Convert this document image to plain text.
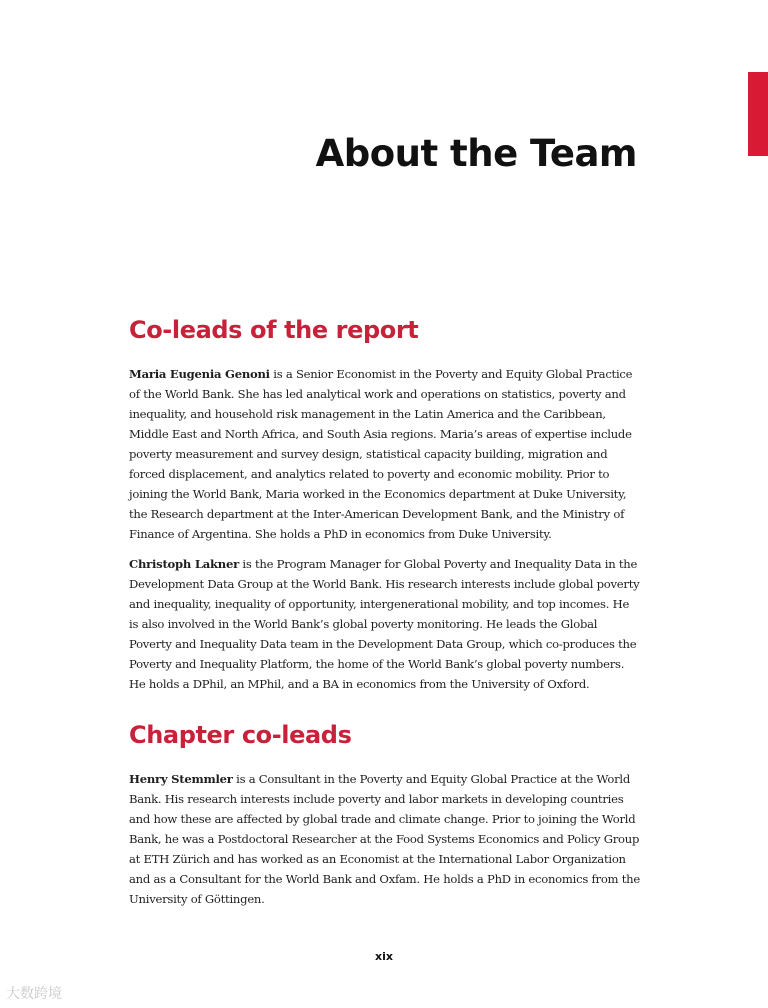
About the Team
Co-leads of the report

Maria Eugenia Genoni is a Senior Economist in the Poverty and Equity Global Practice of the World Bank. She has led analytical work and operations on statistics, poverty and inequality, and household risk management in the Latin America and the Caribbean, Middle East and North Africa, and South Asia regions. Maria’s areas of expertise include poverty measurement and survey design, statistical capacity building, migration and forced displacement, and analytics related to poverty and economic mobility. Prior to joining the World Bank, Maria worked in the Economics department at Duke University, the Research department at the Inter-American Development Bank, and the Ministry of Finance of Argentina. She holds a PhD in economics from Duke University.

Christoph Lakner is the Program Manager for Global Poverty and Inequality Data in the Development Data Group at the World Bank. His research interests include global poverty and inequality, inequality of opportunity, intergenerational mobility, and top incomes. He is also involved in the World Bank’s global poverty monitoring. He leads the Global Poverty and Inequality Data team in the Development Data Group, which co-produces the Poverty and Inequality Platform, the home of the World Bank’s global poverty numbers. He holds a DPhil, an MPhil, and a BA in economics from the University of Oxford.

Chapter co-leads

Henry Stemmler is a Consultant in the Poverty and Equity Global Practice at the World Bank. His research interests include poverty and labor markets in developing countries and how these are affected by global trade and climate change. Prior to joining the World Bank, he was a Postdoctoral Researcher at the Food Systems Economics and Policy Group at ETH Zürich and has worked as an Economist at the International Labor Organization and as a Consultant for the World Bank and Oxfam. He holds a PhD in economics from the University of Göttingen.

xix
大数跨境
